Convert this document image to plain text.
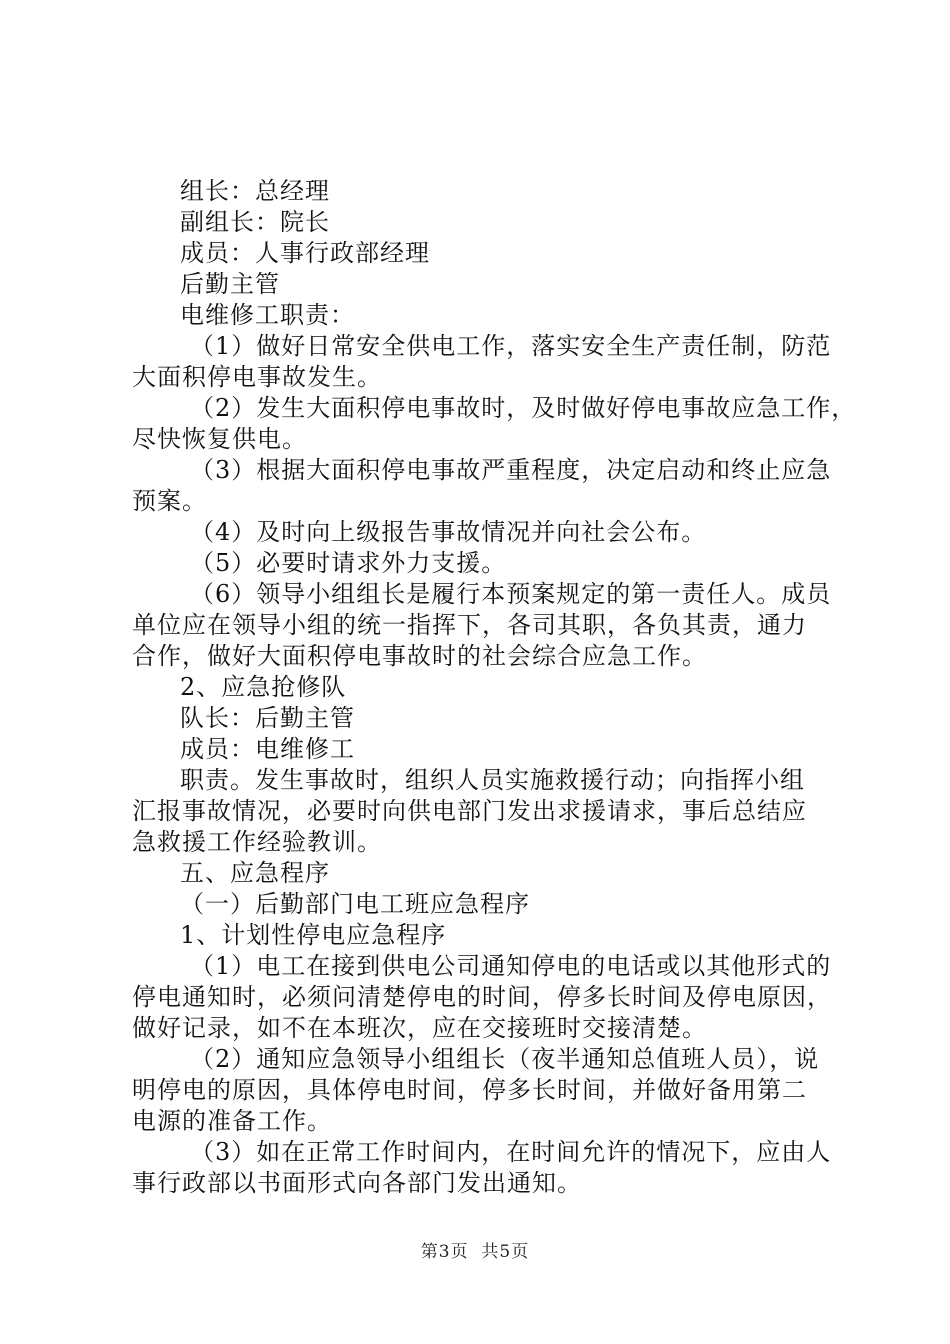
组长：总经理

副组长：院长

成员：人事行政部经理

后勤主管

电维修工职责：

（1）做好日常安全供电工作，落实安全生产责任制，防范

大面积停电事故发生。

（2）发生大面积停电事故时，及时做好停电事故应急工作，

尽快恢复供电。

（3）根据大面积停电事故严重程度，决定启动和终止应急

预案。

（4）及时向上级报告事故情况并向社会公布。

（5）必要时请求外力支援。

（6）领导小组组长是履行本预案规定的第一责任人。成员

单位应在领导小组的统一指挥下，各司其职，各负其责，通力

合作，做好大面积停电事故时的社会综合应急工作。

2、应急抢修队

队长：后勤主管

成员：电维修工

职责。发生事故时，组织人员实施救援行动；向指挥小组

汇报事故情况，必要时向供电部门发出求援请求，事后总结应

急救援工作经验教训。

五、应急程序

（一）后勤部门电工班应急程序

1、计划性停电应急程序

（1）电工在接到供电公司通知停电的电话或以其他形式的

停电通知时，必须问清楚停电的时间，停多长时间及停电原因，

做好记录，如不在本班次，应在交接班时交接清楚。

（2）通知应急领导小组组长（夜半通知总值班人员），说

明停电的原因，具体停电时间，停多长时间，并做好备用第二

电源的准备工作。

（3）如在正常工作时间内，在时间允许的情况下，应由人

事行政部以书面形式向各部门发出通知。

第3页  共5页
